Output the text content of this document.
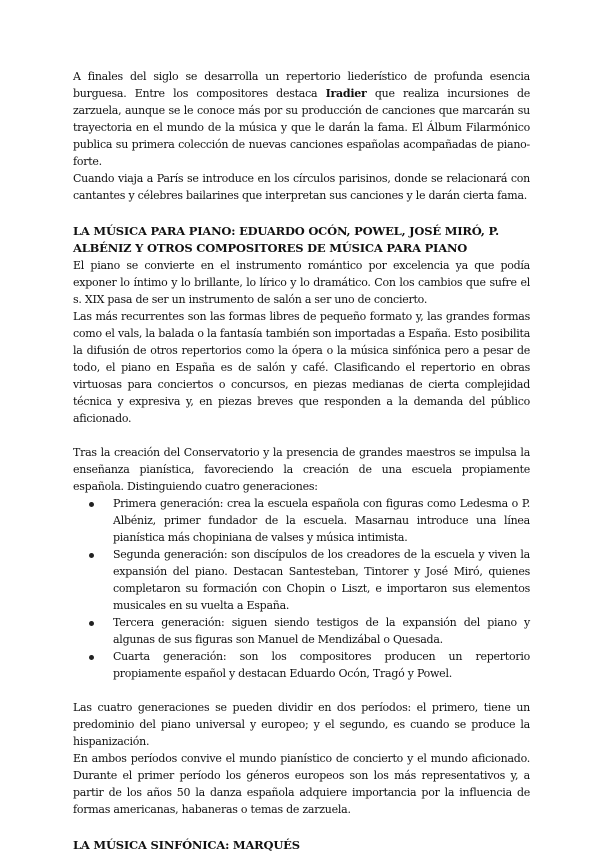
A finales del siglo se desarrolla un repertorio liederístico de profunda esencia burguesa. Entre los compositores destaca Iradier que realiza incursiones de zarzuela, aunque se le conoce más por su producción de canciones que marcarán su trayectoria en el mundo de la música y que le darán la fama. El Álbum Filarmónico publica su primera colección de nuevas canciones españolas acompañadas de piano-forte.

Cuando viaja a París se introduce en los círculos parisinos, donde se relacionará con cantantes y célebres bailarines que interpretan sus canciones y le darán cierta fama.

LA MÚSICA PARA PIANO: EDUARDO OCÓN, POWEL, JOSÉ MIRÓ, P. ALBÉNIZ Y OTROS COMPOSITORES DE MÚSICA PARA PIANO

El piano se convierte en el instrumento romántico por excelencia ya que podía exponer lo íntimo y lo brillante, lo lírico y lo dramático. Con los cambios que sufre el s. XIX pasa de ser un instrumento de salón a ser uno de concierto.

Las más recurrentes son las formas libres de pequeño formato y, las grandes formas como el vals, la balada o la fantasía también son importadas a España. Esto posibilita la difusión de otros repertorios como la ópera o la música sinfónica pero a pesar de todo, el piano en España es de salón y café. Clasificando el repertorio en obras virtuosas para conciertos o concursos, en piezas medianas de cierta complejidad técnica y expresiva y, en piezas breves que responden a la demanda del público aficionado.

Tras la creación del Conservatorio y la presencia de grandes maestros se impulsa la enseñanza pianística, favoreciendo la creación de una escuela propiamente española. Distinguiendo cuatro generaciones:

Primera generación: crea la escuela española con figuras como Ledesma o P. Albéniz, primer fundador de la escuela. Masarnau introduce una línea pianística más chopiniana de valses y música intimista.
Segunda generación: son discípulos de los creadores de la escuela y viven la expansión del piano. Destacan Santesteban, Tintorer y José Miró, quienes completaron su formación con Chopin o Liszt, e importaron sus elementos musicales en su vuelta a España.
Tercera generación: siguen siendo testigos de la expansión del piano y algunas de sus figuras son Manuel de Mendizábal o Quesada.
Cuarta generación: son los compositores producen un repertorio propiamente español y destacan Eduardo Ocón, Tragó y Powel.

Las cuatro generaciones se pueden dividir en dos períodos: el primero, tiene un predominio del piano universal y europeo; y el segundo, es cuando se produce la hispanización.

En ambos períodos convive el mundo pianístico de concierto y el mundo aficionado. Durante el primer período los géneros europeos son los más representativos y, a partir de los años 50 la danza española adquiere importancia por la influencia de formas americanas, habaneras o temas de zarzuela.

LA MÚSICA SINFÓNICA: MARQUÉS
